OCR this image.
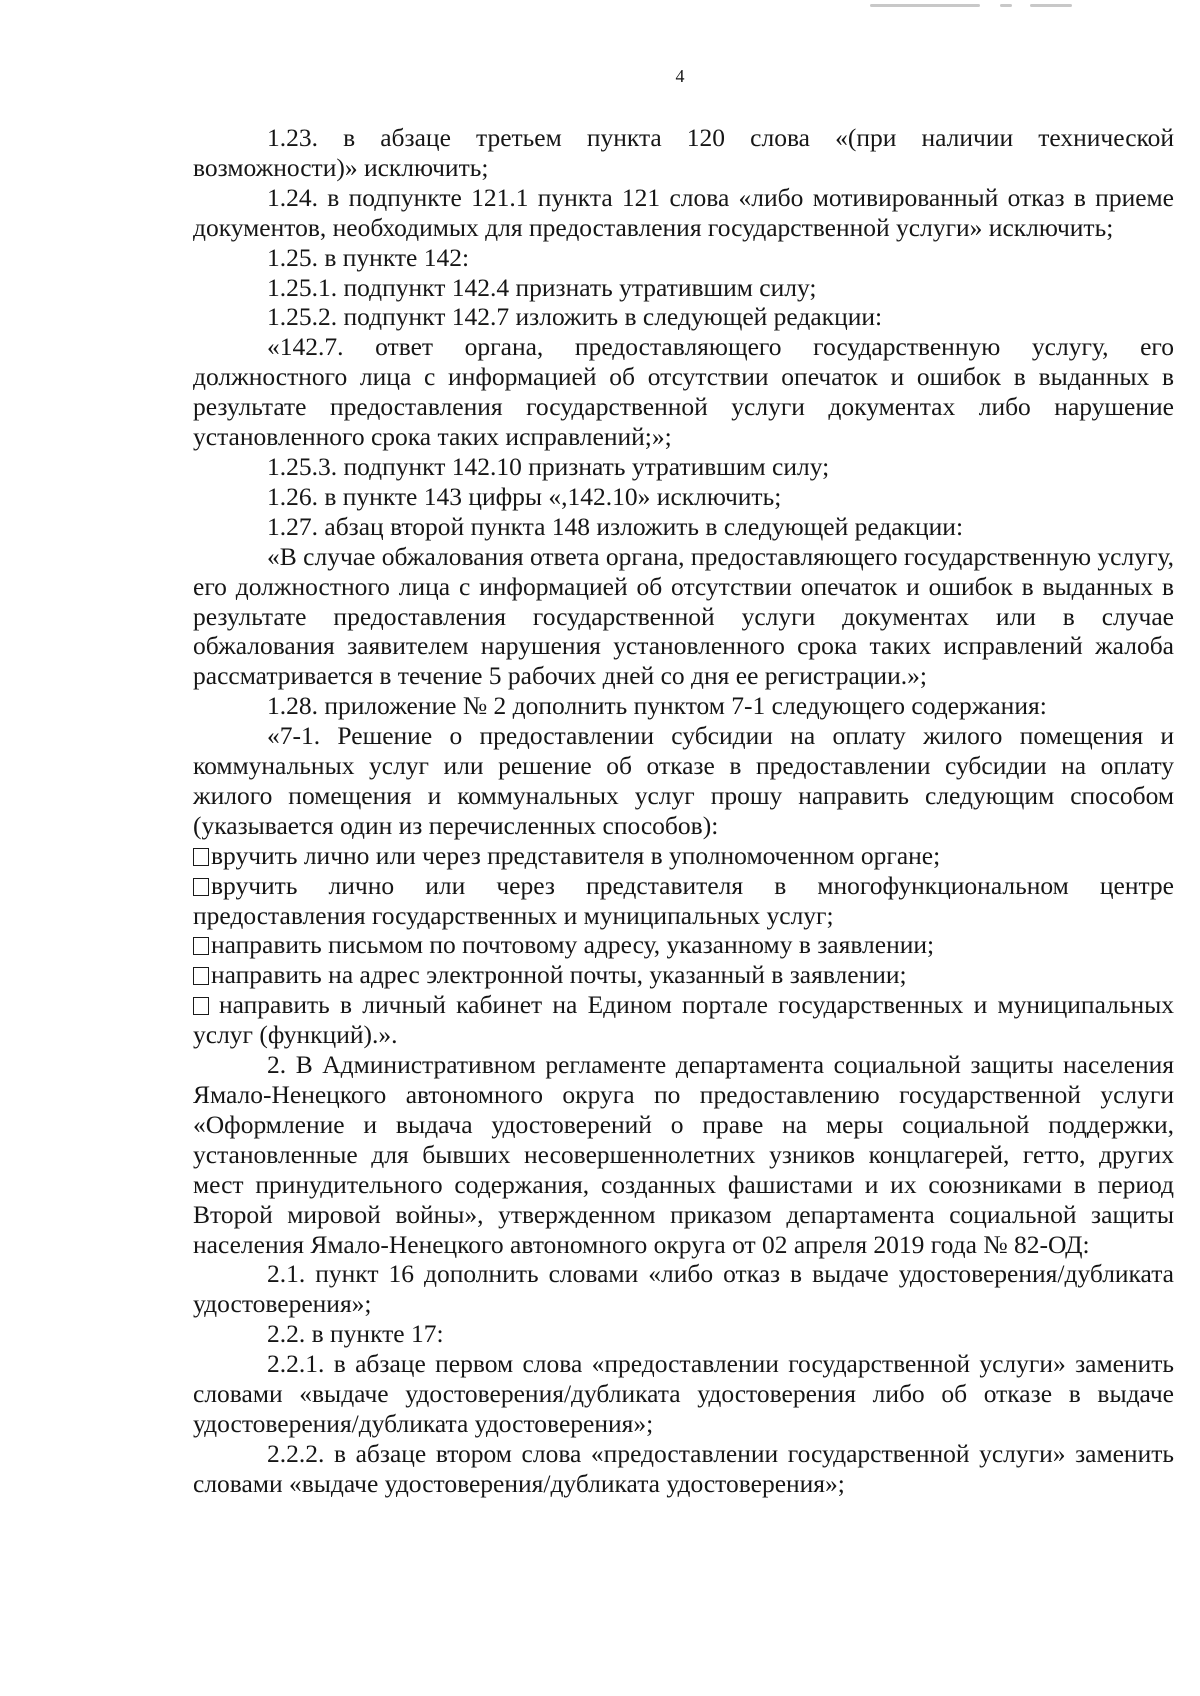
4

1.23. в абзаце третьем пункта 120 слова «(при наличии технической возможности)» исключить;

1.24. в подпункте 121.1 пункта 121 слова «либо мотивированный отказ в приеме документов, необходимых для предоставления государственной услуги» исключить;

1.25. в пункте 142:

1.25.1. подпункт 142.4 признать утратившим силу;

1.25.2. подпункт 142.7 изложить в следующей редакции:

«142.7. ответ органа, предоставляющего государственную услугу, его должностного лица с информацией об отсутствии опечаток и ошибок в выданных в результате предоставления государственной услуги документах либо нарушение установленного срока таких исправлений;»;

1.25.3. подпункт 142.10 признать утратившим силу;

1.26. в пункте 143 цифры «,142.10» исключить;

1.27. абзац второй пункта 148 изложить в следующей редакции:

«В случае обжалования ответа органа, предоставляющего государственную услугу, его должностного лица с информацией об отсутствии опечаток и ошибок в выданных в результате предоставления государственной услуги документах или в случае обжалования заявителем нарушения установленного срока таких исправлений жалоба рассматривается в течение 5 рабочих дней со дня ее регистрации.»;

1.28. приложение № 2 дополнить пунктом 7-1 следующего содержания:

«7-1. Решение о предоставлении субсидии на оплату жилого помещения и коммунальных услуг или решение об отказе в предоставлении субсидии на оплату жилого помещения и коммунальных услуг прошу направить следующим способом (указывается один из перечисленных способов):

вручить лично или через представителя в уполномоченном органе;

вручить лично или через представителя в многофункциональном центре предоставления государственных и муниципальных услуг;

направить письмом по почтовому адресу, указанному в заявлении;

направить на адрес электронной почты, указанный в заявлении;

направить в личный кабинет на Едином портале государственных и муниципальных услуг (функций).».

2. В Административном регламенте департамента социальной защиты населения Ямало-Ненецкого автономного округа по предоставлению государственной услуги «Оформление и выдача удостоверений о праве на меры социальной поддержки, установленные для бывших несовершеннолетних узников концлагерей, гетто, других мест принудительного содержания, созданных фашистами и их союзниками в период Второй мировой войны», утвержденном приказом департамента социальной защиты населения Ямало-Ненецкого автономного округа от 02 апреля 2019 года № 82-ОД:

2.1. пункт 16 дополнить словами «либо отказ в выдаче удостоверения/дубликата удостоверения»;

2.2. в пункте 17:

2.2.1. в абзаце первом слова «предоставлении государственной услуги» заменить словами «выдаче удостоверения/дубликата удостоверения либо об отказе в выдаче удостоверения/дубликата удостоверения»;

2.2.2. в абзаце втором слова «предоставлении государственной услуги» заменить словами «выдаче удостоверения/дубликата удостоверения»;
